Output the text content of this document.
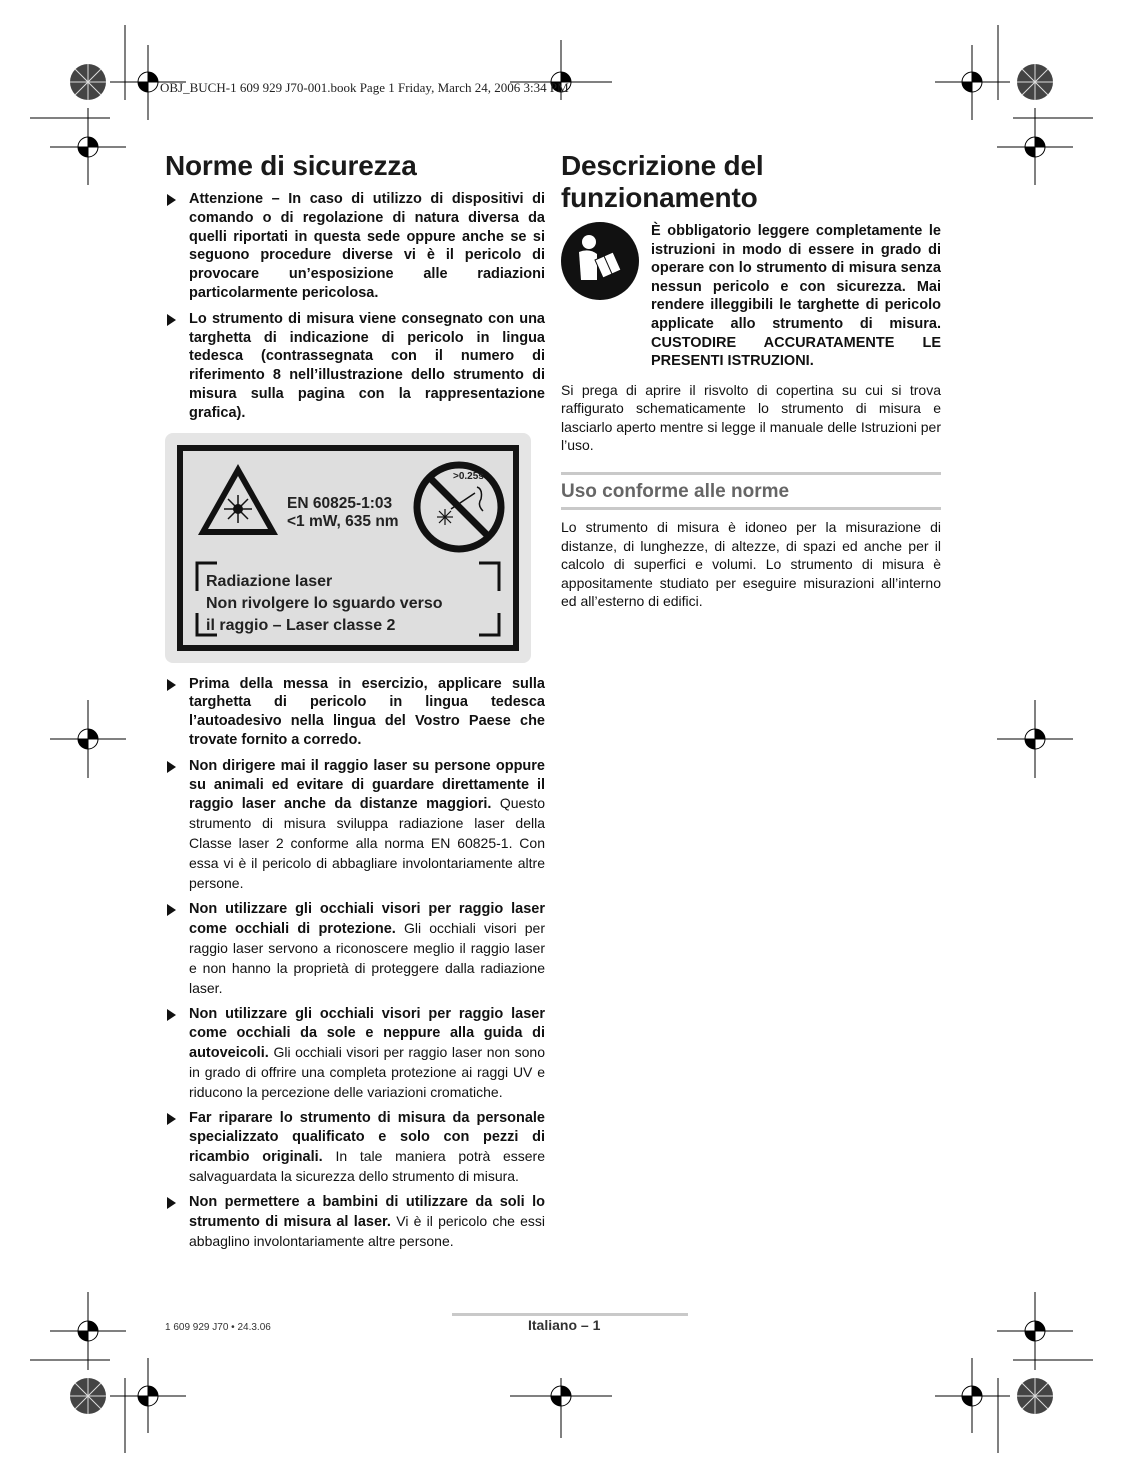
OBJ_BUCH-1 609 929 J70-001.book Page 1 Friday, March 24, 2006 3:34 PM
Norme di sicurezza
Attenzione – In caso di utilizzo di dispositivi di comando o di regolazione di natura diversa da quelli riportati in questa sede oppure anche se si seguono procedure diverse vi è il pericolo di provocare un’esposizione alle radiazioni particolarmente pericolosa.
Lo strumento di misura viene consegnato con una targhetta di indicazione di pericolo in lingua tedesca (contrassegnata con il numero di riferimento 8 nell’illustrazione dello strumento di misura sulla pagina con la rappresentazione grafica).
EN 60825-1:03
<1 mW, 635 nm
>0.25s
Radiazione laser
Non rivolgere lo sguardo verso
il raggio – Laser classe 2
Prima della messa in esercizio, applicare sulla targhetta di pericolo in lingua tedesca l’autoadesivo nella lingua del Vostro Paese che trovate fornito a corredo.
Non dirigere mai il raggio laser su persone oppure su animali ed evitare di guardare direttamente il raggio laser anche da distanze maggiori. Questo strumento di misura sviluppa radiazione laser della Classe laser 2 conforme alla norma EN 60825-1. Con essa vi è il pericolo di abbagliare involontariamente altre persone.
Non utilizzare gli occhiali visori per raggio laser come occhiali di protezione. Gli occhiali visori per raggio laser servono a riconoscere meglio il raggio laser e non hanno la proprietà di proteggere dalla radiazione laser.
Non utilizzare gli occhiali visori per raggio laser come occhiali da sole e neppure alla guida di autoveicoli. Gli occhiali visori per raggio laser non sono in grado di offrire una completa protezione ai raggi UV e riducono la percezione delle variazioni cromatiche.
Far riparare lo strumento di misura da personale specializzato qualificato e solo con pezzi di ricambio originali. In tale maniera potrà essere salvaguardata la sicurezza dello strumento di misura.
Non permettere a bambini di utilizzare da soli lo strumento di misura al laser. Vi è il pericolo che essi abbaglino involontariamente altre persone.
Descrizione del
funzionamento
È obbligatorio leggere completamente le istruzioni in modo di essere in grado di operare con lo strumento di misura senza nessun pericolo e con sicurezza. Mai rendere illeggibili le targhette di pericolo applicate allo strumento di misura. CUSTODIRE ACCURATAMENTE LE PRESENTI ISTRUZIONI.

Si prega di aprire il risvolto di copertina su cui si trova raffigurato schematicamente lo strumento di misura e lasciarlo aperto mentre si legge il manuale delle Istruzioni per l’uso.

Uso conforme alle norme

Lo strumento di misura è idoneo per la misurazione di distanze, di lunghezze, di altezze, di spazi ed anche per il calcolo di superfici e volumi. Lo strumento di misura è appositamente studiato per eseguire misurazioni all’interno ed all’esterno di edifici.

1 609 929 J70 • 24.3.06	Italiano – 1
